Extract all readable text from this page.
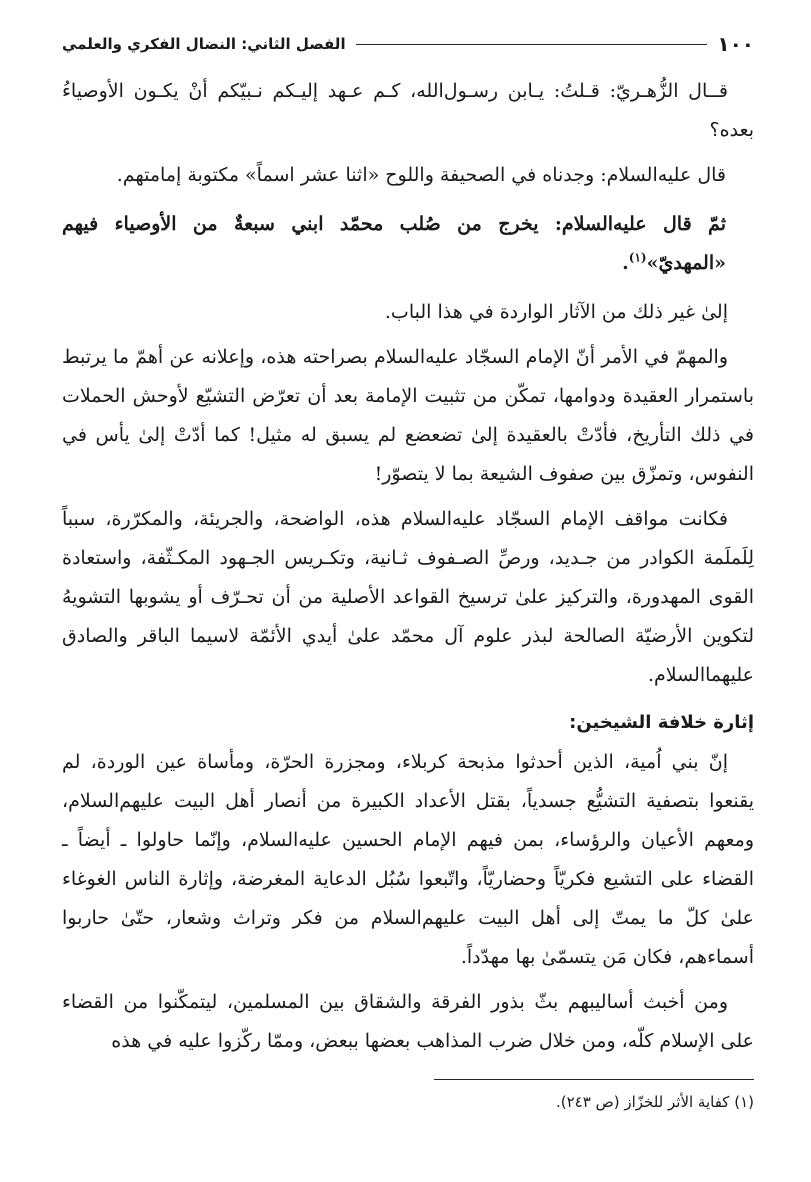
١٠٠
الفصل الثاني: النضال الفكري والعلمي

قــال الزُّهـريّ: قـلتُ: يـابن رسـول‌الله، كـم عـهد إليـكم نـبيّكم أنْ يكـون الأوصياءُ بعده؟

قال عليه‌السلام: وجدناه في الصحيفة واللوح «اثنا عشر اسماً» مكتوبة إمامتهم.

ثمّ قال عليه‌السلام: يخرج من صُلب محمّد ابني سبعةٌ من الأوصياء فيهم «المهديّ»$^{(١)}$.

إلىٰ غير ذلك من الآثار الواردة في هذا الباب.

والمهمّ في الأمر أنّ الإمام السجّاد عليه‌السلام بصراحته هذه، وإعلانه عن أهمّ ما يرتبط باستمرار العقيدة ودوامها، تمكّن من تثبيت الإمامة بعد أن تعرّض التشيّع لأوحش الحملات في ذلك التأريخ، فأدّتْ بالعقيدة إلىٰ تضعضع لم يسبق له مثيل! كما أدّتْ إلىٰ يأس في النفوس، وتمزّق بين صفوف الشيعة بما لا يتصوّر!

فكانت مواقف الإمام السجّاد عليه‌السلام هذه، الواضحة، والجريئة، والمكرّرة، سبباً لِلَملَمة الكوادر من جـديد، ورصِّ الصـفوف ثـانية، وتكـريس الجـهود المكـثّفة، واستعادة القوى المهدورة، والتركيز علىٰ ترسيخ القواعد الأصلية من أن تحـرّف أو يشوبها التشويهُ لتكوين الأرضيّة الصالحة لبذر علوم آل محمّد علىٰ أيدي الأئمّة لاسيما الباقر والصادق عليهما‌السلام.

إثارة خلافة الشيخين:

إنّ بني اُمية، الذين أحدثوا مذبحة كربلاء، ومجزرة الحرّة، ومأساة عين الوردة، لم يقنعوا بتصفية التشيُّع جسدياً، بقتل الأعداد الكبيرة من أنصار أهل البيت عليهم‌السلام، ومعهم الأعيان والرؤساء، بمن فيهم الإمام الحسين عليه‌السلام، وإنّما حاولوا ـ أيضاً ـ القضاء على التشيع فكريّاً وحضاريّاً، واتّبعوا سُبُل الدعاية المغرضة، وإثارة الناس الغوغاء علىٰ كلّ ما يمتّ إلى أهل البيت عليهم‌السلام من فكر وتراث وشعار، حتّىٰ حاربوا أسماءهم، فكان مَن يتسمّىٰ بها مهدّداً.

ومن أخبث أساليبهم بثّ بذور الفرقة والشقاق بين المسلمين، ليتمكّنوا من القضاء على الإسلام كلّه، ومن خلال ضرب المذاهب بعضها ببعض، وممّا ركّزوا عليه في هذه

(١) كفاية الأثر للخزّاز (ص ٢٤٣).
